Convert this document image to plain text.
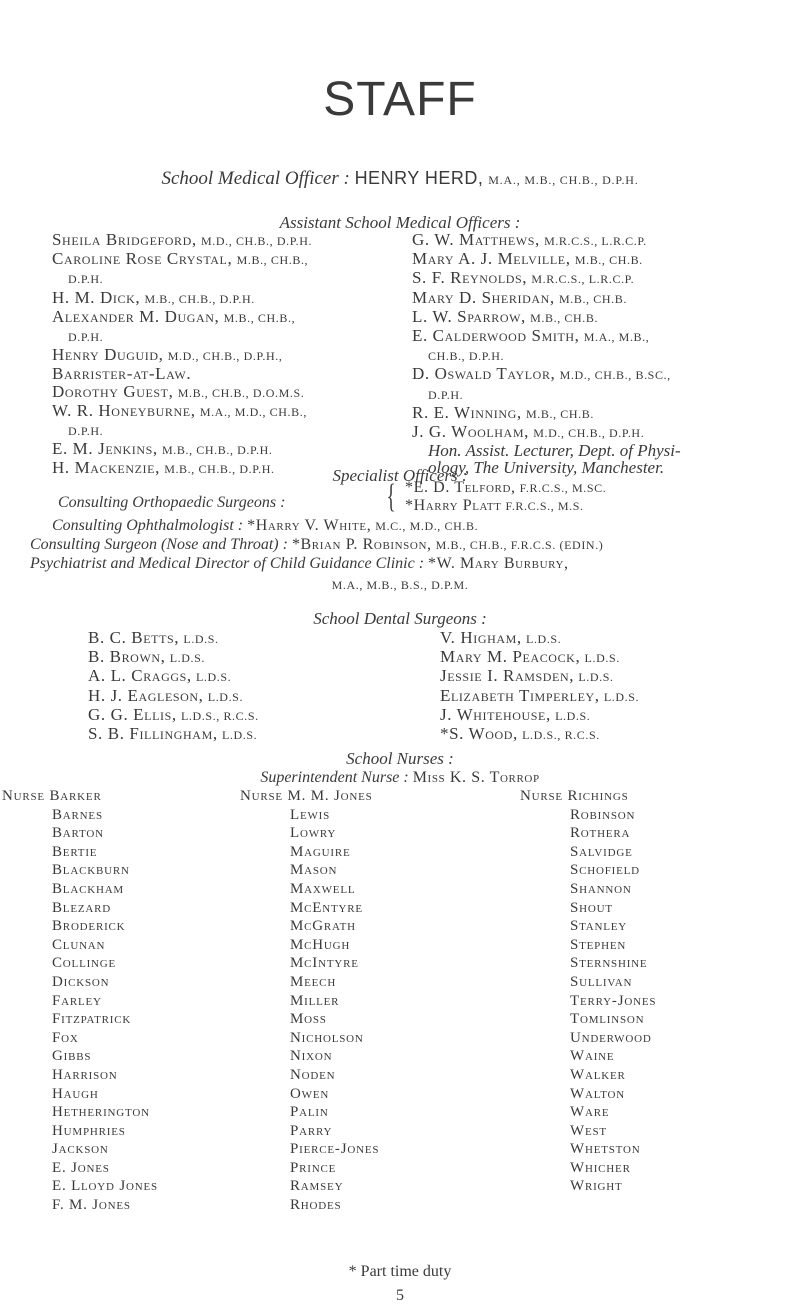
STAFF
School Medical Officer : HENRY HERD, M.A., M.B., CH.B., D.P.H.
Assistant School Medical Officers :
Sheila Bridgeford, M.D., CH.B., D.P.H.
Caroline Rose Crystal, M.B., CH.B.,
D.P.H.
H. M. Dick, M.B., CH.B., D.P.H.
Alexander M. Dugan, M.B., CH.B.,
D.P.H.
Henry Duguid, M.D., CH.B., D.P.H.,
Barrister-at-Law.
Dorothy Guest, M.B., CH.B., D.O.M.S.
W. R. Honeyburne, M.A., M.D., CH.B.,
D.P.H.
E. M. Jenkins, M.B., CH.B., D.P.H.
H. Mackenzie, M.B., CH.B., D.P.H.
G. W. Matthews, M.R.C.S., L.R.C.P.
Mary A. J. Melville, M.B., CH.B.
S. F. Reynolds, M.R.C.S., L.R.C.P.
Mary D. Sheridan, M.B., CH.B.
L. W. Sparrow, M.B., CH.B.
E. Calderwood Smith, M.A., M.B.,
CH.B., D.P.H.
D. Oswald Taylor, M.D., CH.B., B.SC.,
D.P.H.
R. E. Winning, M.B., CH.B.
J. G. Woolham, M.D., CH.B., D.P.H.
Hon. Assist. Lecturer, Dept. of Physi-
ology, The University, Manchester.
Specialist Officers :
Consulting Orthopaedic Surgeons :	{ *E. D. Telford, F.R.C.S., M.SC.
*Harry Platt F.R.C.S., M.S.
Consulting Ophthalmologist : *Harry V. White, M.C., M.D., CH.B.
Consulting Surgeon (Nose and Throat) : *Brian P. Robinson, M.B., CH.B., F.R.C.S. (EDIN.)
Psychiatrist and Medical Director of Child Guidance Clinic : *W. Mary Burbury,
M.A., M.B., B.S., D.P.M.
School Dental Surgeons :
B. C. Betts, L.D.S.
B. Brown, L.D.S.
A. L. Craggs, L.D.S.
H. J. Eagleson, L.D.S.
G. G. Ellis, L.D.S., R.C.S.
S. B. Fillingham, L.D.S.
V. Higham, L.D.S.
Mary M. Peacock, L.D.S.
Jessie I. Ramsden, L.D.S.
Elizabeth Timperley, L.D.S.
J. Whitehouse, L.D.S.
*S. Wood, L.D.S., R.C.S.
School Nurses :
Superintendent Nurse : Miss K. S. Torrop
Nurse Barker
Barnes
Barton
Bertie
Blackburn
Blackham
Blezard
Broderick
Clunan
Collinge
Dickson
Farley
Fitzpatrick
Fox
Gibbs
Harrison
Haugh
Hetherington
Humphries
Jackson
E. Jones
E. Lloyd Jones
F. M. Jones
Nurse M. M. Jones
Lewis
Lowry
Maguire
Mason
Maxwell
McEntyre
McGrath
McHugh
McIntyre
Meech
Miller
Moss
Nicholson
Nixon
Noden
Owen
Palin
Parry
Pierce-Jones
Prince
Ramsey
Rhodes
Nurse Richings
Robinson
Rothera
Salvidge
Schofield
Shannon
Shout
Stanley
Stephen
Sternshine
Sullivan
Terry-Jones
Tomlinson
Underwood
Waine
Walker
Walton
Ware
West
Whetston
Whicher
Wright
* Part time duty
5
